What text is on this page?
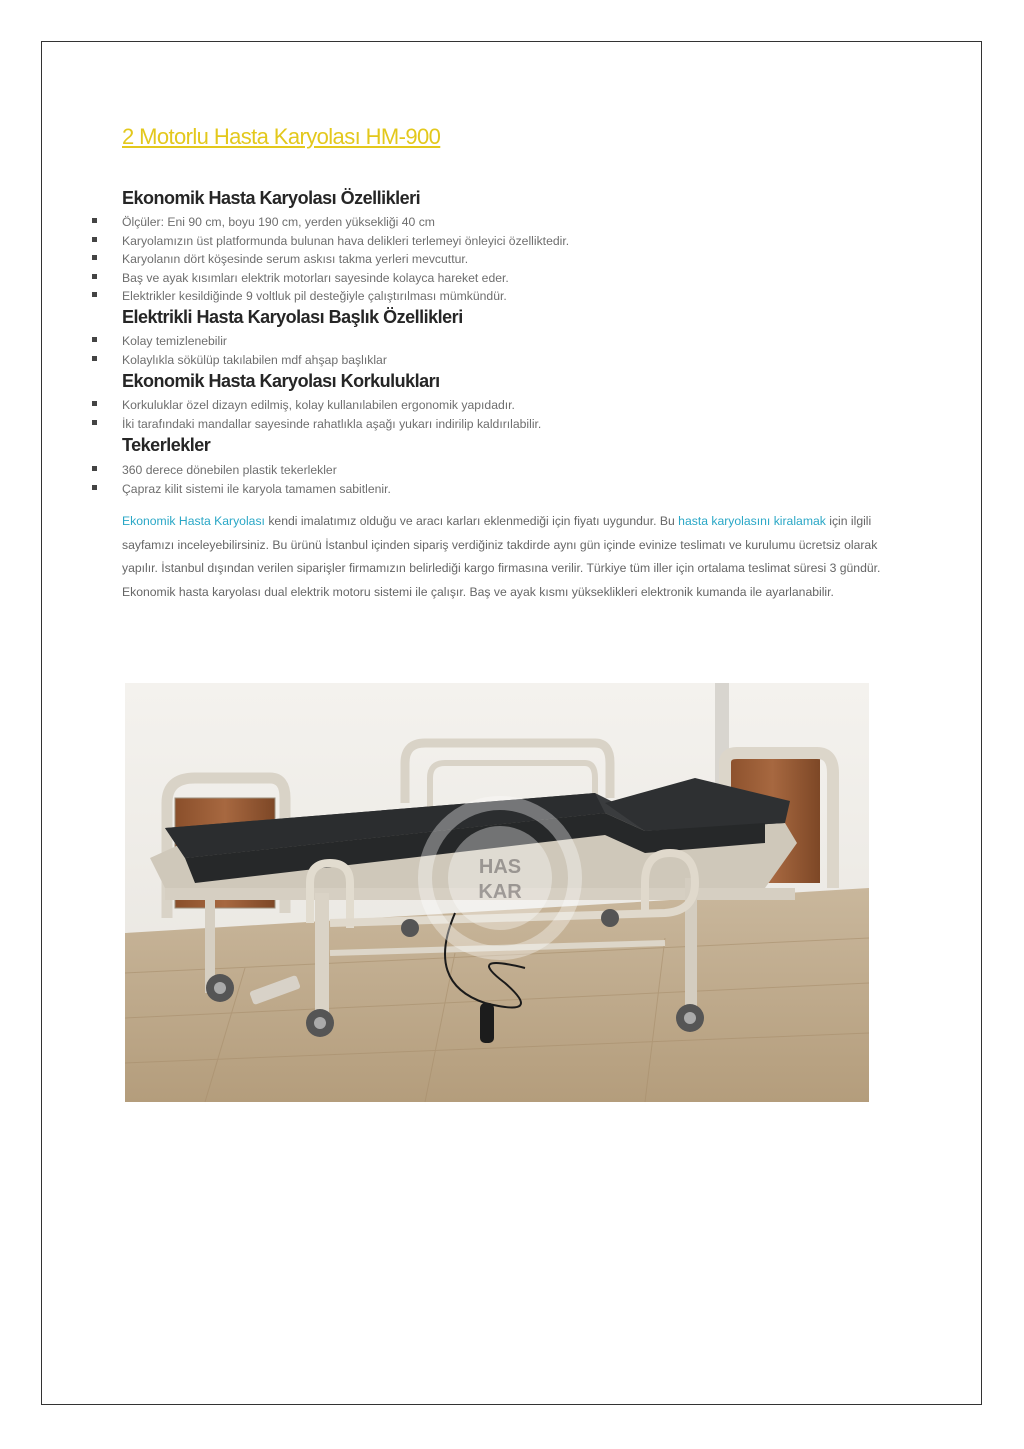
2 Motorlu Hasta Karyolası HM-900
Ekonomik Hasta Karyolası Özellikleri
Ölçüler: Eni 90 cm, boyu 190 cm, yerden yüksekliği 40 cm
Karyolamızın üst platformunda bulunan hava delikleri terlemeyi önleyici özelliktedir.
Karyolanın dört köşesinde serum askısı takma yerleri mevcuttur.
Baş ve ayak kısımları elektrik motorları sayesinde kolayca hareket eder.
Elektrikler kesildiğinde 9 voltluk pil desteğiyle çalıştırılması mümkündür.
Elektrikli Hasta Karyolası Başlık Özellikleri
Kolay temizlenebilir
Kolaylıkla sökülüp takılabilen mdf ahşap başlıklar
Ekonomik Hasta Karyolası Korkulukları
Korkuluklar özel dizayn edilmiş, kolay kullanılabilen ergonomik yapıdadır.
İki tarafındaki mandallar sayesinde rahatlıkla aşağı yukarı indirilip kaldırılabilir.
Tekerlekler
360 derece dönebilen plastik tekerlekler
Çapraz kilit sistemi ile karyola tamamen sabitlenir.

Ekonomik Hasta Karyolası kendi imalatımız olduğu ve aracı karları eklenmediği için fiyatı uygundur. Bu hasta karyolasını kiralamak için ilgili sayfamızı inceleyebilirsiniz. Bu ürünü İstanbul içinden sipariş verdiğiniz takdirde aynı gün içinde evinize teslimatı ve kurulumu ücretsiz olarak yapılır. İstanbul dışından verilen siparişler firmamızın belirlediği kargo firmasına verilir. Türkiye tüm iller için ortalama teslimat süresi 3 gündür. Ekonomik hasta karyolası dual elektrik motoru sistemi ile çalışır. Baş ve ayak kısmı yükseklikleri elektronik kumanda ile ayarlanabilir.

HAS
KAR
